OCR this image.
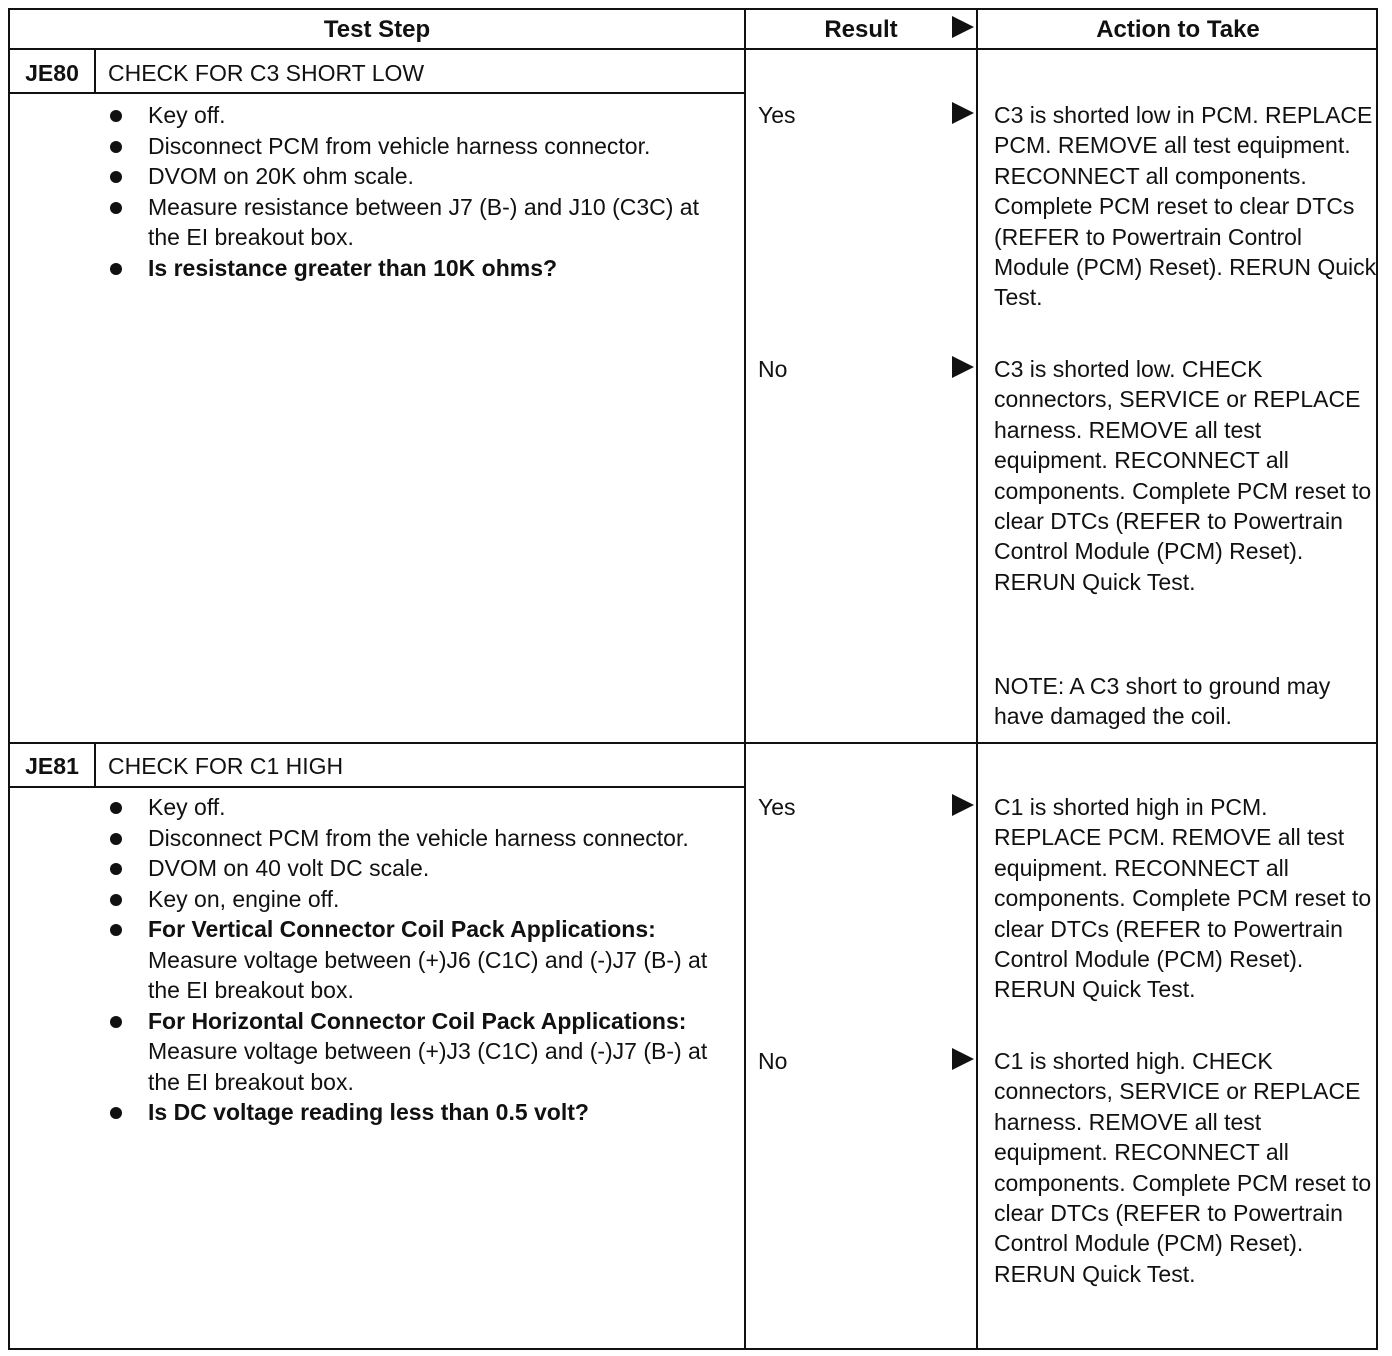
Test Step	Result	Action to Take
JE80	CHECK FOR C3 SHORT LOW
Key off.
Disconnect PCM from vehicle harness connector.
DVOM on 20K ohm scale.
Measure resistance between J7 (B-) and J10 (C3C) at the EI breakout box.
Is resistance greater than 10K ohms?
Yes	C3 is shorted low in PCM. REPLACE PCM. REMOVE all test equipment. RECONNECT all components. Complete PCM reset to clear DTCs (REFER to Powertrain Control Module (PCM) Reset). RERUN Quick Test.
No	C3 is shorted low. CHECK connectors, SERVICE or REPLACE harness. REMOVE all test equipment. RECONNECT all components. Complete PCM reset to clear DTCs (REFER to Powertrain Control Module (PCM) Reset). RERUN Quick Test.
NOTE: A C3 short to ground may have damaged the coil.
JE81	CHECK FOR C1 HIGH
Key off.
Disconnect PCM from the vehicle harness connector.
DVOM on 40 volt DC scale.
Key on, engine off.
For Vertical Connector Coil Pack Applications: Measure voltage between (+)J6 (C1C) and (-)J7 (B-) at the EI breakout box.
For Horizontal Connector Coil Pack Applications: Measure voltage between (+)J3 (C1C) and (-)J7 (B-) at the EI breakout box.
Is DC voltage reading less than 0.5 volt?
Yes	C1 is shorted high in PCM. REPLACE PCM. REMOVE all test equipment. RECONNECT all components. Complete PCM reset to clear DTCs (REFER to Powertrain Control Module (PCM) Reset). RERUN Quick Test.
No	C1 is shorted high. CHECK connectors, SERVICE or REPLACE harness. REMOVE all test equipment. RECONNECT all components. Complete PCM reset to clear DTCs (REFER to Powertrain Control Module (PCM) Reset). RERUN Quick Test.
